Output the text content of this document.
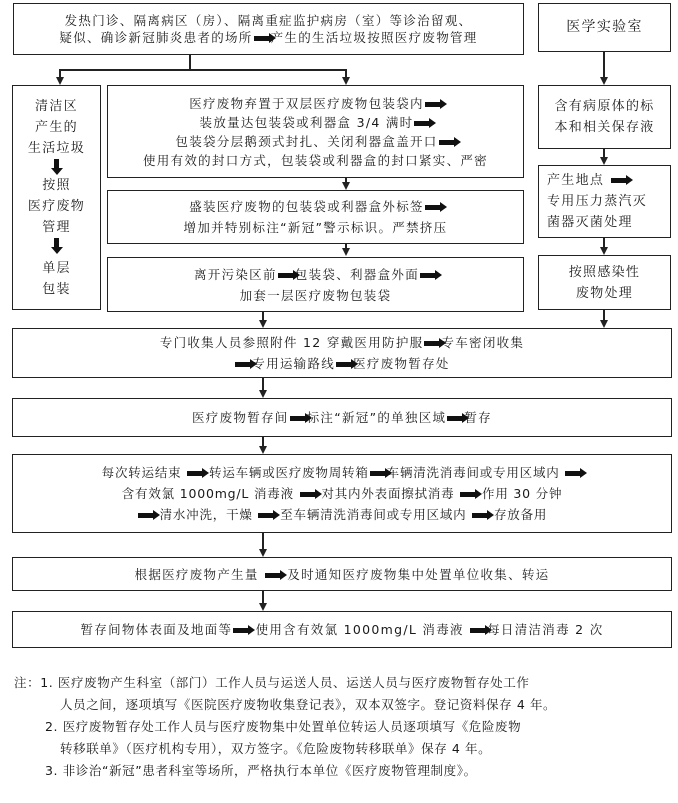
发热门诊、隔离病区（房）、隔离重症监护病房（室）等诊治留观、
疑似、确诊新冠肺炎患者的场所 产生的生活垃圾按照医疗废物管理
医学实验室
清洁区
产生的
生活垃圾
按照
医疗废物
管理
单层
包装
医疗废物弃置于双层医疗废物包装袋内
装放量达包装袋或利器盒 3/4 满时
包装袋分层鹅颈式封扎、关闭利器盒盖开口
使用有效的封口方式，包装袋或利器盒的封口紧实、严密
盛装医疗废物的包装袋或利器盒外标签
增加并特别标注“新冠”警示标识。严禁挤压
离开污染区前 包装袋、利器盒外面
加套一层医疗废物包装袋
含有病原体的标
本和相关保存液
产生地点
专用压力蒸汽灭
菌器灭菌处理
按照感染性
废物处理
专门收集人员参照附件 12 穿戴医用防护服 专车密闭收集
专用运输路线 医疗废物暂存处
医疗废物暂存间 标注“新冠”的单独区域 暂存
每次转运结束 转运车辆或医疗废物周转箱 车辆清洗消毒间或专用区域内
含有效氯 1000mg/L 消毒液 对其内外表面擦拭消毒 作用 30 分钟
清水冲洗，干燥 至车辆清洗消毒间或专用区域内 存放备用
根据医疗废物产生量 及时通知医疗废物集中处置单位收集、转运
暂存间物体表面及地面等 使用含有效氯 1000mg/L 消毒液 每日清洁消毒 2 次
注：1. 医疗废物产生科室（部门）工作人员与运送人员、运送人员与医疗废物暂存处工作
人员之间，逐项填写《医院医疗废物收集登记表》，双本双签字。登记资料保存 4 年。
2. 医疗废物暂存处工作人员与医疗废物集中处置单位转运人员逐项填写《危险废物
转移联单》（医疗机构专用），双方签字。《危险废物转移联单》保存 4 年。
3. 非诊治“新冠”患者科室等场所，严格执行本单位《医疗废物管理制度》。
